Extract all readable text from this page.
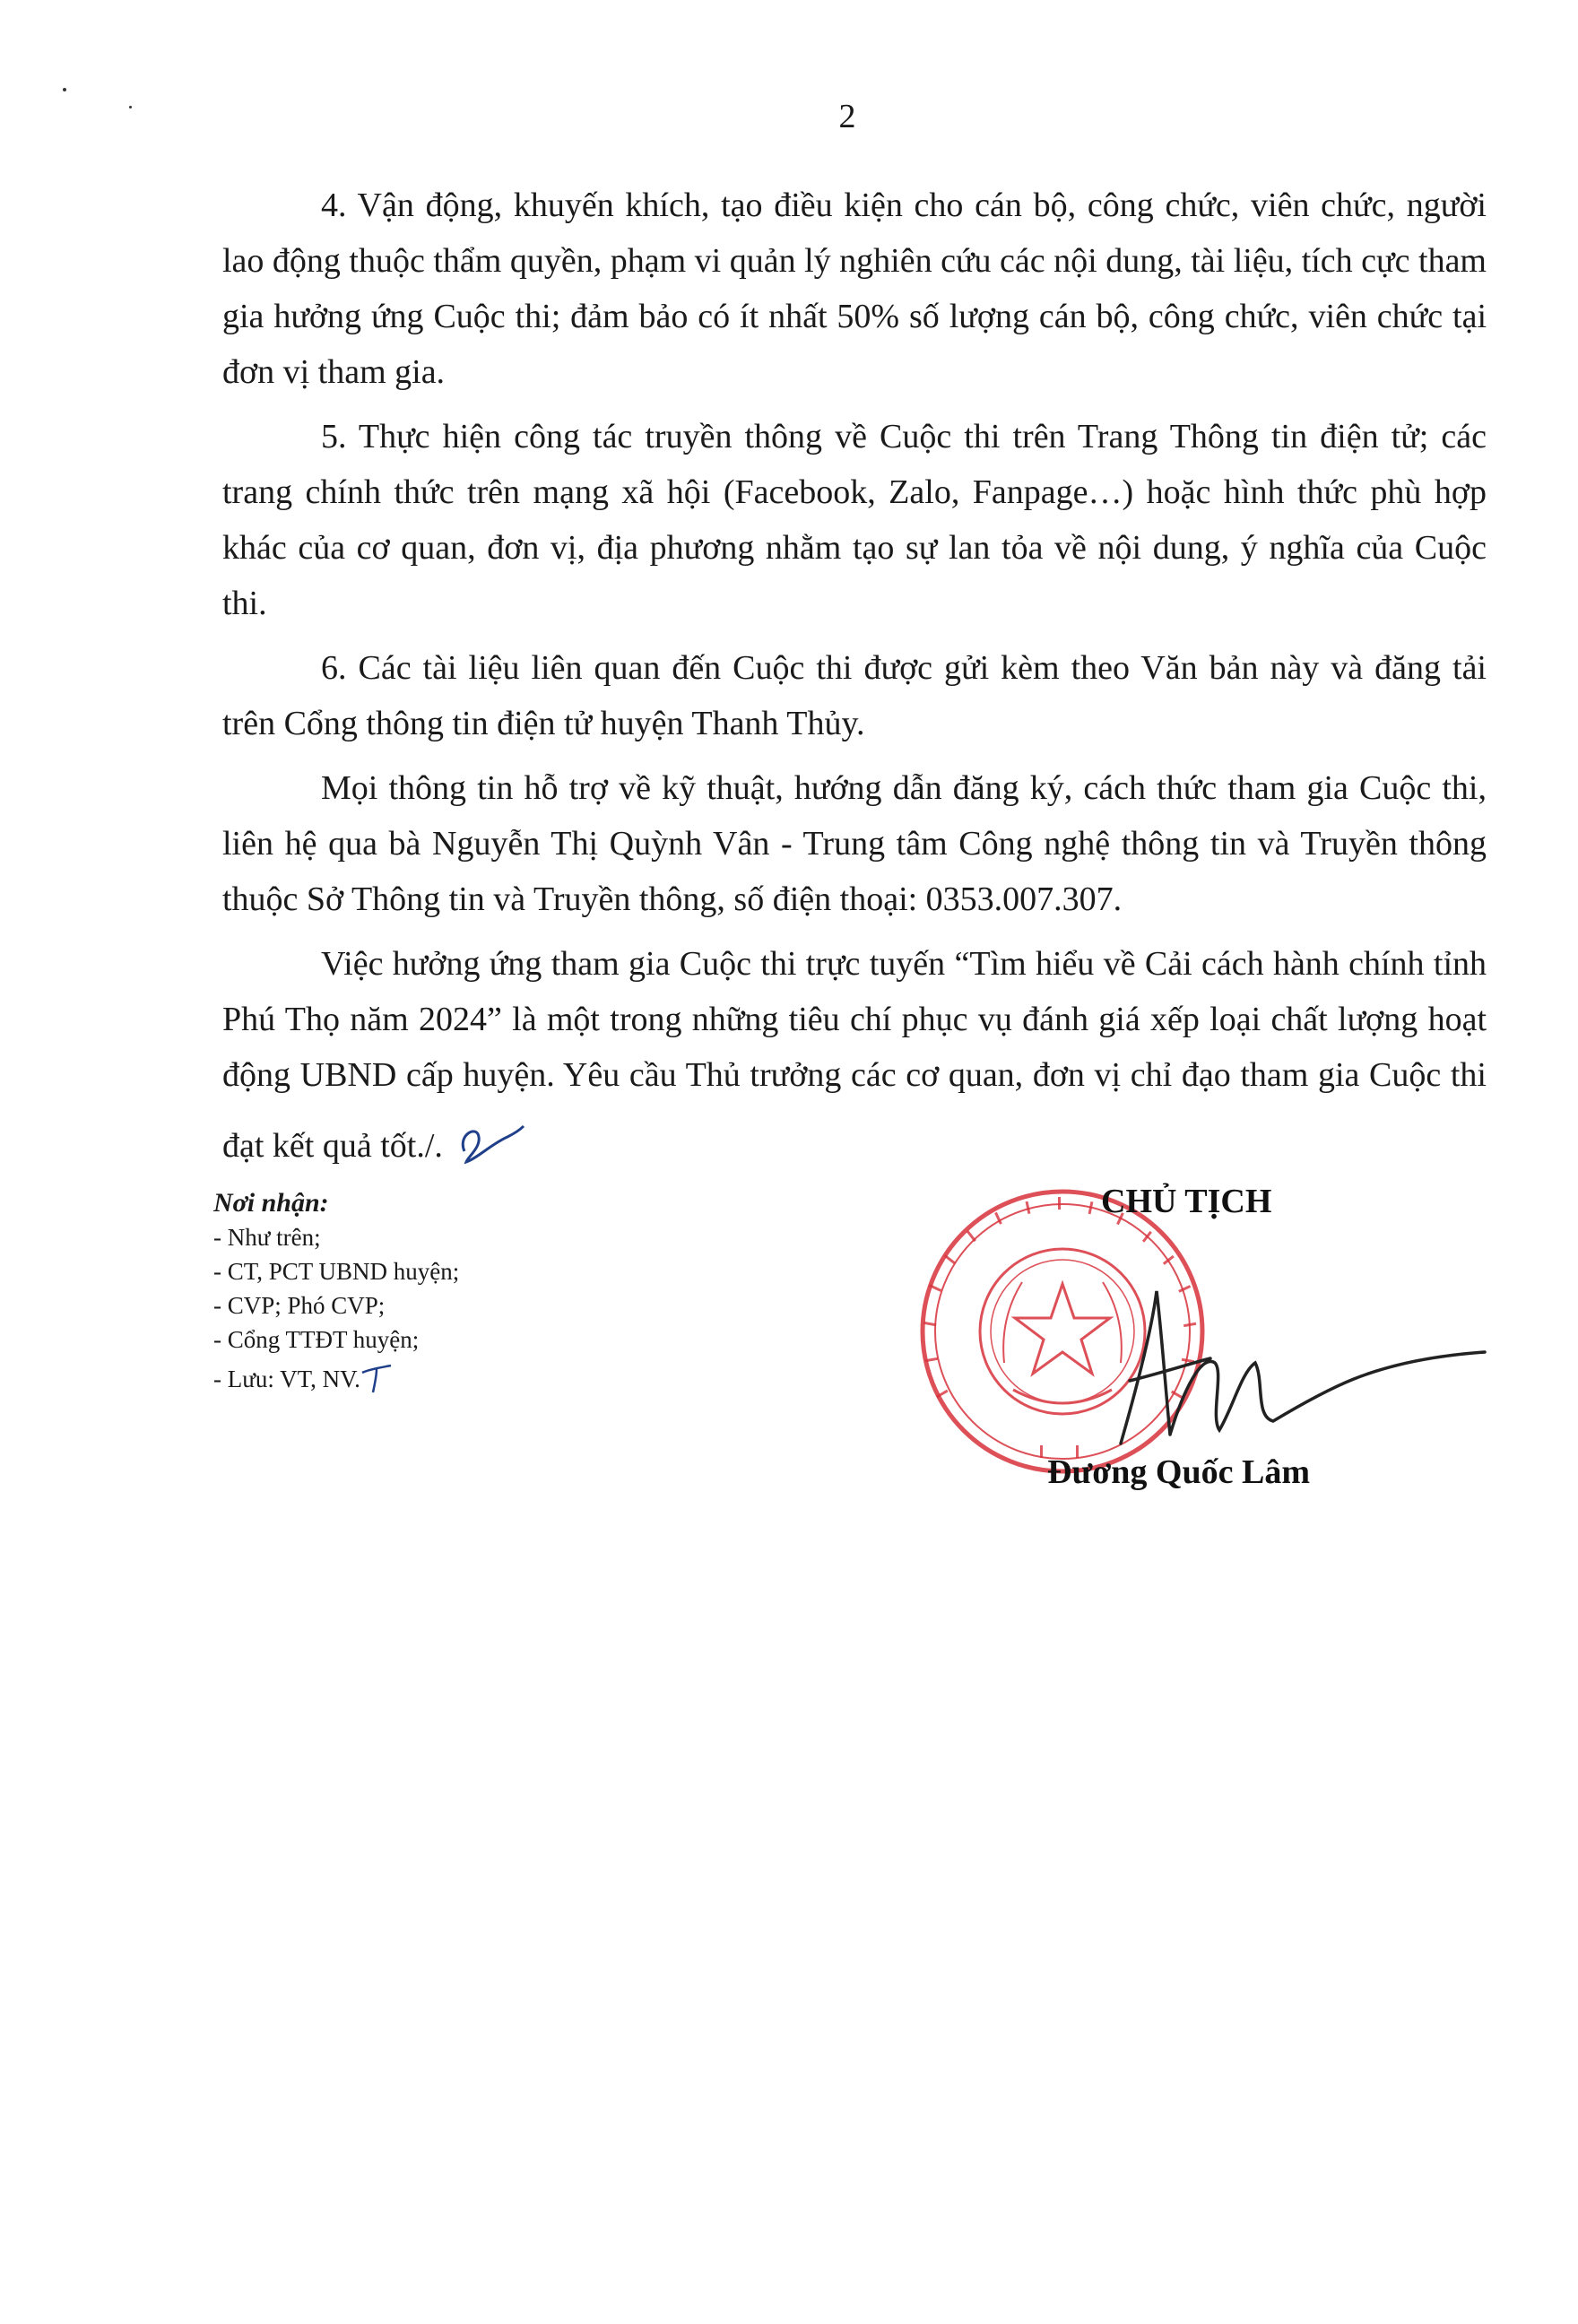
2

4. Vận động, khuyến khích, tạo điều kiện cho cán bộ, công chức, viên chức, người lao động thuộc thẩm quyền, phạm vi quản lý nghiên cứu các nội dung, tài liệu, tích cực tham gia hưởng ứng Cuộc thi; đảm bảo có ít nhất 50% số lượng cán bộ, công chức, viên chức tại đơn vị tham gia.

5. Thực hiện công tác truyền thông về Cuộc thi trên Trang Thông tin điện tử; các trang chính thức trên mạng xã hội (Facebook, Zalo, Fanpage…) hoặc hình thức phù hợp khác của cơ quan, đơn vị, địa phương nhằm tạo sự lan tỏa về nội dung, ý nghĩa của Cuộc thi.

6. Các tài liệu liên quan đến Cuộc thi được gửi kèm theo Văn bản này và đăng tải trên Cổng thông tin điện tử huyện Thanh Thủy.

Mọi thông tin hỗ trợ về kỹ thuật, hướng dẫn đăng ký, cách thức tham gia Cuộc thi, liên hệ qua bà Nguyễn Thị Quỳnh Vân - Trung tâm Công nghệ thông tin và Truyền thông thuộc Sở Thông tin và Truyền thông, số điện thoại: 0353.007.307.

Việc hưởng ứng tham gia Cuộc thi trực tuyến “Tìm hiểu về Cải cách hành chính tỉnh Phú Thọ năm 2024” là một trong những tiêu chí phục vụ đánh giá xếp loại chất lượng hoạt động UBND cấp huyện. Yêu cầu Thủ trưởng các cơ quan, đơn vị chỉ đạo tham gia Cuộc thi đạt kết quả tốt./.

Nơi nhận:
- Như trên;
- CT, PCT UBND huyện;
- CVP; Phó CVP;
- Cổng TTĐT huyện;
- Lưu: VT, NV.
CHỦ TỊCH
Đương Quốc Lâm
